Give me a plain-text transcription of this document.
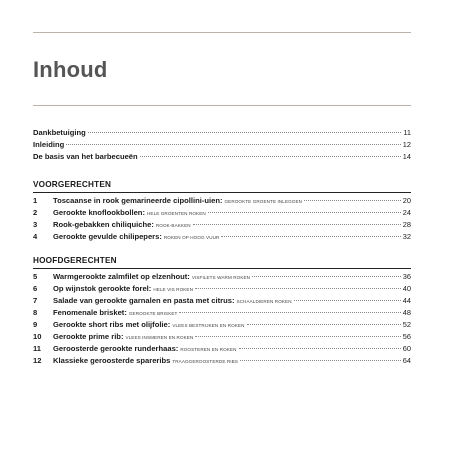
Inhoud
Dankbetuiging	11
Inleiding	12
De basis van het barbecueën	14
VOORGERECHTEN
1	Toscaanse in rook gemarineerde cipollini-uien: GEROOKTE GROENTE INLEGGEN	20
2	Gerookte knoflookbollen: HELE GROENTEN ROKEN	24
3	Rook-gebakken chiliquiche: ROOK-BAKKEN	28
4	Gerookte gevulde chilipepers: ROKEN OP HOOG VUUR	32
HOOFDGERECHTEN
5	Warmgerookte zalmfilet op elzenhout: VISFILETS WARM ROKEN	36
6	Op wijnstok gerookte forel: HELE VIS ROKEN	40
7	Salade van gerookte garnalen en pasta met citrus: SCHAALDIEREN ROKEN	44
8	Fenomenale brisket: GEROOKTE BRISKET	48
9	Gerookte short ribs met olijfolie: VLEES BESTRIJKEN EN ROKEN	52
10	Gerookte prime rib: VLEES INSMEREN EN ROKEN	56
11	Geroosterde gerookte runderhaas: ROOSTEREN EN ROKEN	60
12	Klassieke geroosterde spareribs TRAAGGEROOSTERDE RIBS	64
